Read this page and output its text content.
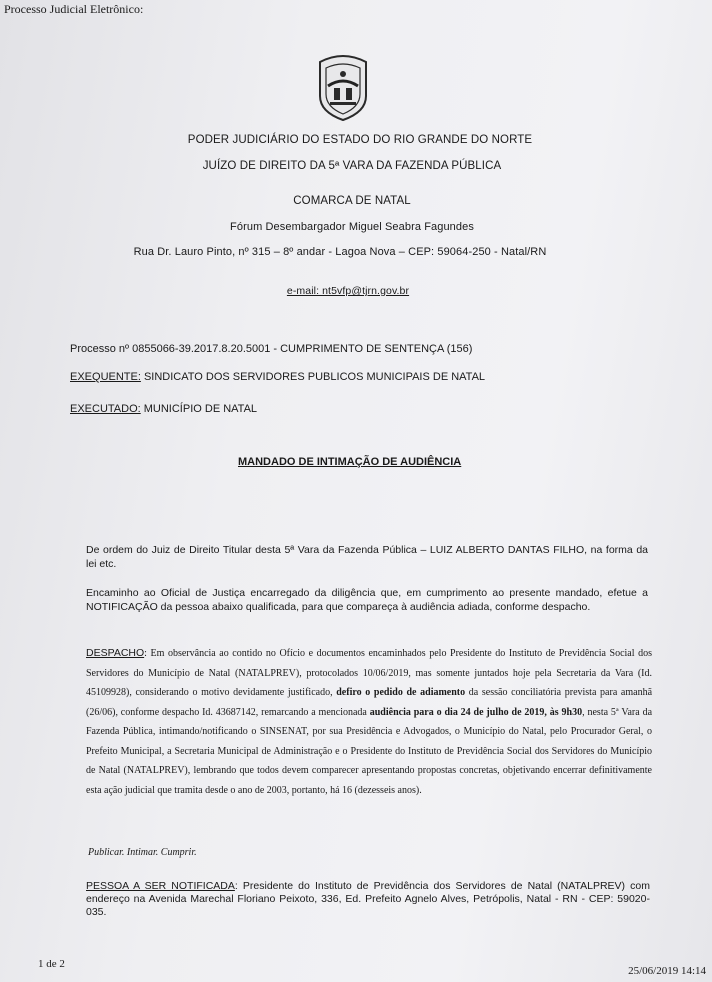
Processo Judicial Eletrônico:
PODER JUDICIÁRIO DO ESTADO DO RIO GRANDE DO NORTE
JUÍZO DE DIREITO DA 5ª VARA DA FAZENDA PÚBLICA
COMARCA DE NATAL
Fórum Desembargador Miguel Seabra Fagundes
Rua Dr. Lauro Pinto, nº 315 – 8º andar - Lagoa Nova – CEP: 59064-250 - Natal/RN
e-mail: nt5vfp@tjrn.gov.br
Processo nº 0855066-39.2017.8.20.5001 - CUMPRIMENTO DE SENTENÇA (156)
EXEQUENTE: SINDICATO DOS SERVIDORES PUBLICOS MUNICIPAIS DE NATAL
EXECUTADO: MUNICÍPIO DE NATAL
MANDADO DE INTIMAÇÃO DE AUDIÊNCIA
De ordem do Juiz de Direito Titular desta 5ª Vara da Fazenda Pública – LUIZ ALBERTO DANTAS FILHO, na forma da lei etc.
Encaminho ao Oficial de Justiça encarregado da diligência que, em cumprimento ao presente mandado, efetue a NOTIFICAÇÃO da pessoa abaixo qualificada, para que compareça à audiência adiada, conforme despacho.
DESPACHO: Em observância ao contido no Ofício e documentos encaminhados pelo Presidente do Instituto de Previdência Social dos Servidores do Município de Natal (NATALPREV), protocolados 10/06/2019, mas somente juntados hoje pela Secretaria da Vara (Id. 45109928), considerando o motivo devidamente justificado, defiro o pedido de adiamento da sessão conciliatória prevista para amanhã (26/06), conforme despacho Id. 43687142, remarcando a mencionada audiência para o dia 24 de julho de 2019, às 9h30, nesta 5ª Vara da Fazenda Pública, intimando/notificando o SINSENAT, por sua Presidência e Advogados, o Município do Natal, pelo Procurador Geral, o Prefeito Municipal, a Secretaria Municipal de Administração e o Presidente do Instituto de Previdência Social dos Servidores do Município de Natal (NATALPREV), lembrando que todos devem comparecer apresentando propostas concretas, objetivando encerrar definitivamente esta ação judicial que tramita desde o ano de 2003, portanto, há 16 (dezesseis anos).
Publicar. Intimar. Cumprir.
PESSOA A SER NOTIFICADA: Presidente do Instituto de Previdência dos Servidores de Natal (NATALPREV) com endereço na Avenida Marechal Floriano Peixoto, 336, Ed. Prefeito Agnelo Alves, Petrópolis, Natal - RN - CEP: 59020-035.
1 de 2
25/06/2019 14:14
